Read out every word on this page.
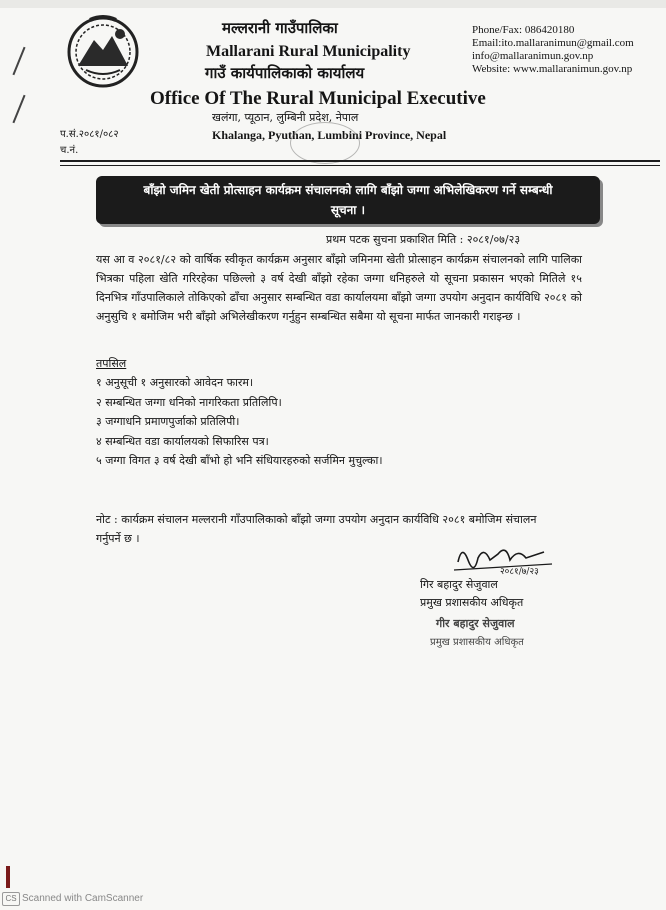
मल्लरानी गाउँपालिका
Mallarani Rural Municipality
गाउँ कार्यपालिकाको कार्यालय
Office Of The Rural Municipal Executive
खलंगा, प्यूठान, लुम्बिनी प्रदेश, नेपाल
Khalanga, Pyuthan, Lumbini Province, Nepal
Phone/Fax: 086420180
Email:ito.mallaranimun@gmail.com
info@mallaranimun.gov.np
Website: www.mallaranimun.gov.np
प.सं.२०८१/०८२
च.नं.
बाँझो जमिन खेती प्रोत्साहन कार्यक्रम संचालनको लागि बाँझो जग्गा अभिलेखिकरण गर्ने सम्बन्धी
सूचना ।
प्रथम पटक सुचना प्रकाशित मिति : २०८१/०७/२३
यस आ व २०८१/८२ को वार्षिक स्वीकृत कार्यक्रम अनुसार बाँझो जमिनमा खेती प्रोत्साहन कार्यक्रम संचालनको लागि पालिका भित्रका पहिला खेति गरिरहेका पछिल्लो ३ वर्ष देखी बाँझो रहेका जग्गा धनिहरुले यो सूचना प्रकासन भएको मितिले १५ दिनभित्र गाँउपालिकाले तोकिएको ढाँचा अनुसार सम्बन्धित वडा कार्यालयमा बाँझो जग्गा उपयोग अनुदान कार्यविधि २०८१ को अनुसुचि १ बमोजिम भरी बाँझो अभिलेखीकरण गर्नुहुन सम्बन्धित सबैमा यो सूचना मार्फत जानकारी गराइन्छ ।
तपसिल
१ अनुसूची १ अनुसारको आवेदन फारम।
२ सम्बन्धित जग्गा धनिको नागरिकता प्रतिलिपि।
३ जग्गाधनि प्रमाणपुर्जाको प्रतिलिपी।
४ सम्बन्धित वडा कार्यालयको सिफारिस पत्र।
५ जग्गा विगत ३ वर्ष देखी बाँभो हो भनि संधियारहरुको सर्जमिन मुचुल्का।
नोट : कार्यक्रम संचालन मल्लरानी गाँउपालिकाको बाँझो जग्गा उपयोग अनुदान कार्यविधि २०८१ बमोजिम संचालन गर्नुपर्ने छ ।
२०८१/७/२३
गिर बहादुर सेजुवाल
प्रमुख प्रशासकीय अधिकृत
गीर बहादुर सेजुवाल
प्रमुख प्रशासकीय अधिकृत
CS Scanned with CamScanner
